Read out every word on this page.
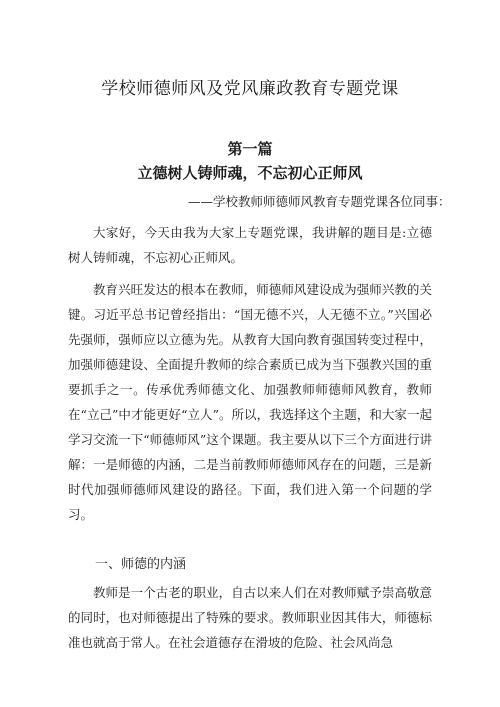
学校师德师风及党风廉政教育专题党课
第一篇
立德树人铸师魂，不忘初心正师风
——学校教师师德师风教育专题党课各位同事：

大家好，今天由我为大家上专题党课，我讲解的题目是:立德树人铸师魂，不忘初心正师风。

教育兴旺发达的根本在教师，师德师风建设成为强师兴教的关键。习近平总书记曾经指出：“国无德不兴，人无德不立。”兴国必先强师，强师应以立德为先。从教育大国向教育强国转变过程中，加强师德建设、全面提升教师的综合素质已成为当下强教兴国的重要抓手之一。传承优秀师德文化、加强教师师德师风教育，教师在“立己”中才能更好“立人”。所以，我选择这个主题，和大家一起学习交流一下“师德师风”这个课题。我主要从以下三个方面进行讲解：一是师德的内涵，二是当前教师师德师风存在的问题，三是新时代加强师德师风建设的路径。下面，我们进入第一个问题的学习。

一、师德的内涵

教师是一个古老的职业，自古以来人们在对教师赋予崇高敬意的同时，也对师德提出了特殊的要求。教师职业因其伟大，师德标准也就高于常人。在社会道德存在滑坡的危险、社会风尚急
